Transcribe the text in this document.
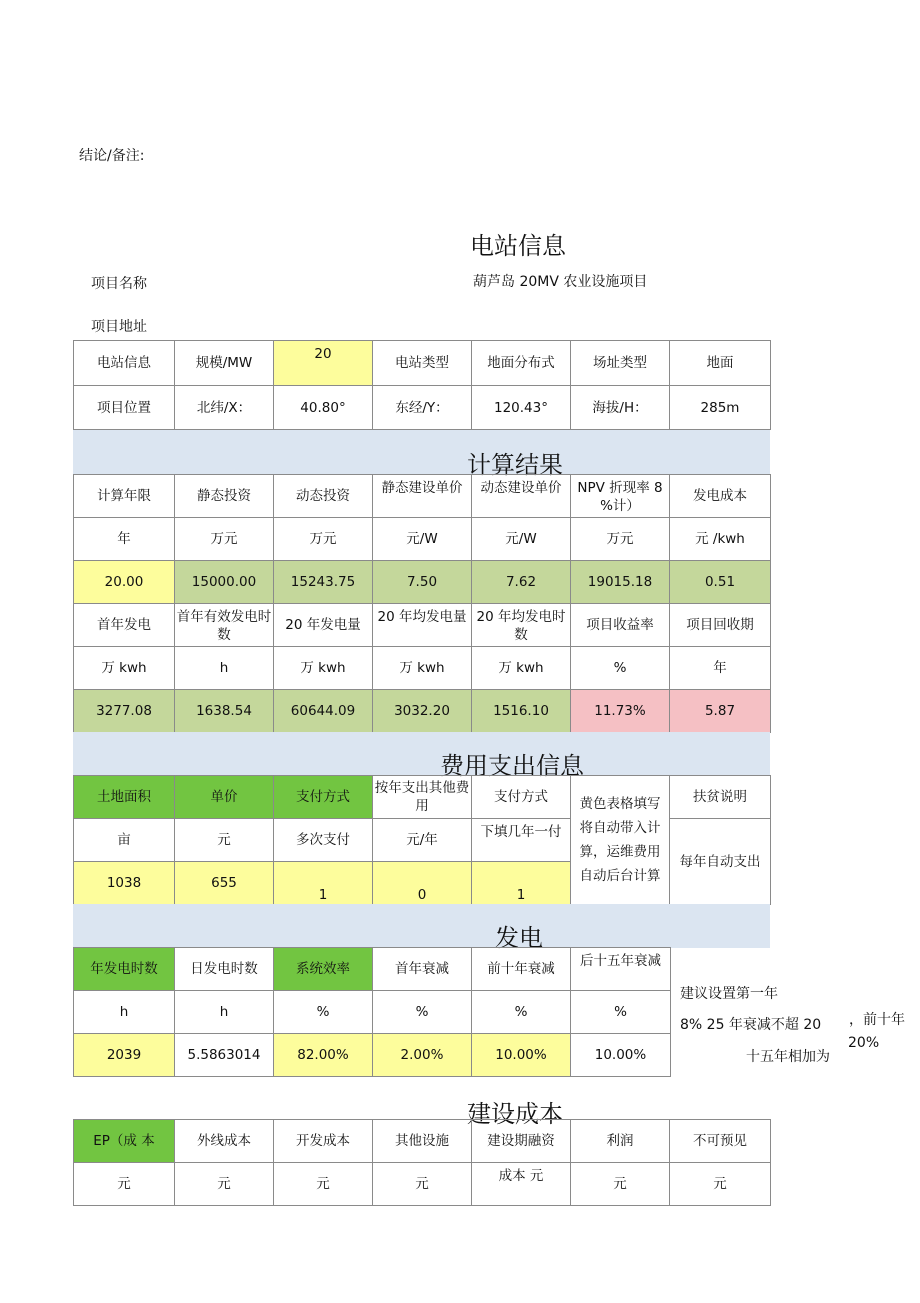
结论/备注:
电站信息
项目名称	葫芦岛 20MV 农业设施项目
项目地址
电站信息	规模/MW	20	电站类型	地面分布式	场址类型	地面
项目位置	北纬/X：	40.80°	东经/Y：	120.43°	海拔/H：	285m
计算结果
计算年限	静态投资	动态投资	静态建设单价	动态建设单价	NPV 折现率 8 %计）	发电成本
年	万元	万元	元/W	元/W	万元	元 /kwh
20.00	15000.00	15243.75	7.50	7.62	19015.18	0.51
首年发电	首年有效发电时数	20 年发电量	20 年均发电量	20 年均发电时数	项目收益率	项目回收期
万 kwh	h	万 kwh	万 kwh	万 kwh	%	年
3277.08	1638.54	60644.09	3032.20	1516.10	11.73%	5.87
费用支出信息
土地面积	单价	支付方式	按年支出其他费用	支付方式	黄色表格填写将自动带入计算，运维费用自动后台计算	扶贫说明
亩	元	多次支付	元/年	下填几年一付		每年自动支出
1038	655	1	0	1		
发电
年发电时数	日发电时数	系统效率	首年衰减	前十年衰减	后十五年衰减

h	h	%	%	%	%
2039	5.5863014	82.00%	2.00%	10.00%	10.00%
建议设置第一年
8% 25 年衰减不超 20 ，前十年
20%
十五年相加为
建设成本
EP（成 本	外线成本	开发成本	其他设施	建设期融资	利润	不可预见
元	元	元	元	成本 元	元	元
